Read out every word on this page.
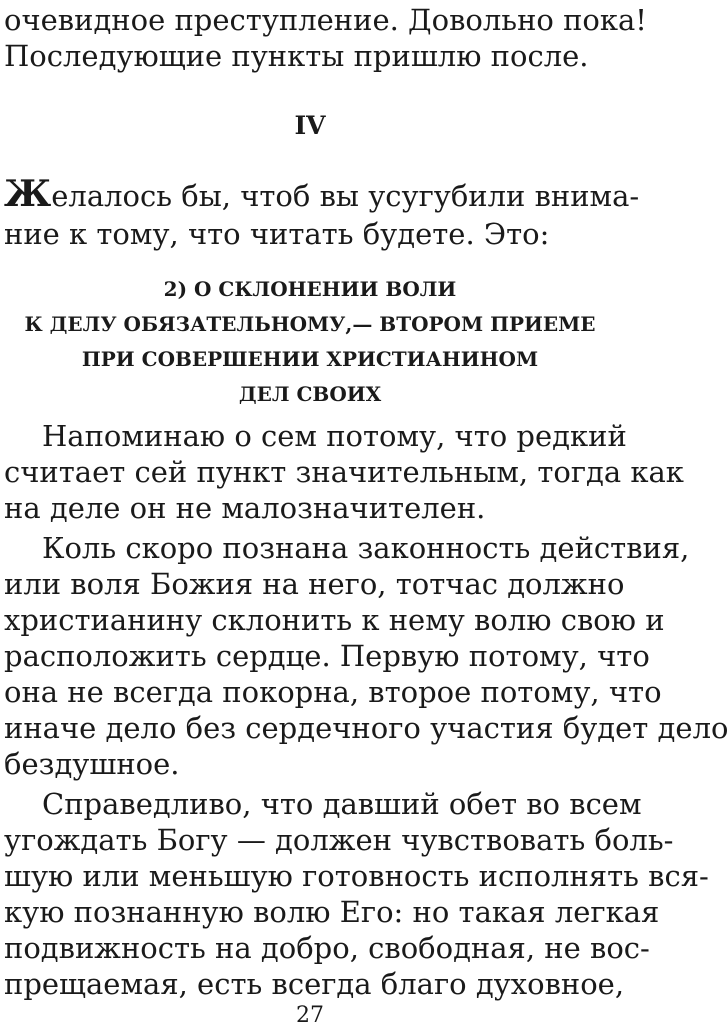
очевидное преступление. Довольно пока!
Последующие пункты пришлю после.
IV
Желалось бы, чтоб вы усугубили внима-
ние к тому, что читать будете. Это:
2) О СКЛОНЕНИИ ВОЛИ
К ДЕЛУ ОБЯЗАТЕЛЬНОМУ,— ВТОРОМ ПРИЕМЕ
ПРИ СОВЕРШЕНИИ ХРИСТИАНИНОМ
ДЕЛ СВОИХ
Напоминаю о сем потому, что редкий
считает сей пункт значительным, тогда как
на деле он не малозначителен.
Коль скоро познана законность действия,
или воля Божия на него, тотчас должно
христианину склонить к нему волю свою и
расположить сердце. Первую потому, что
она не всегда покорна, второе потому, что
иначе дело без сердечного участия будет дело
бездушное.
Справедливо, что давший обет во всем
угождать Богу — должен чувствовать боль-
шую или меньшую готовность исполнять вся-
кую познанную волю Его: но такая легкая
подвижность на добро, свободная, не вос-
прещаемая, есть всегда благо духовное,
27
